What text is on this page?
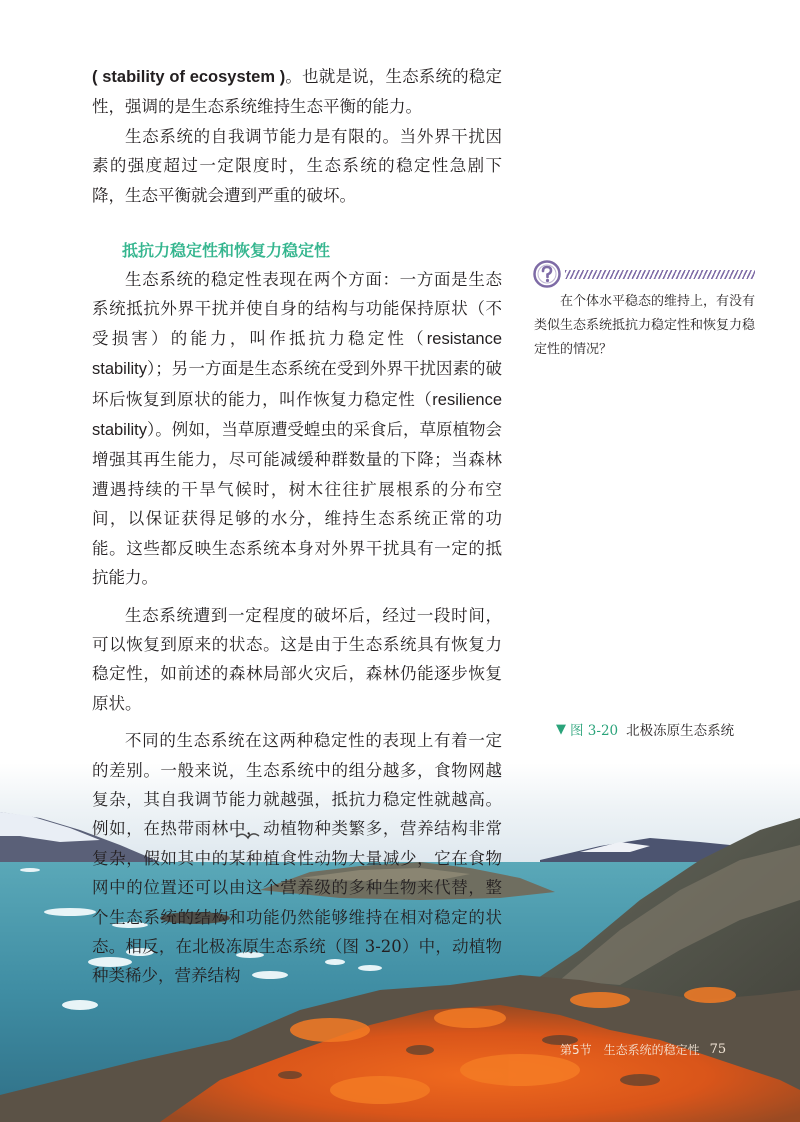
( stability of ecosystem )。也就是说，生态系统的稳定性，强调的是生态系统维持生态平衡的能力。

生态系统的自我调节能力是有限的。当外界干扰因素的强度超过一定限度时，生态系统的稳定性急剧下降，生态平衡就会遭到严重的破坏。

抵抗力稳定性和恢复力稳定性

生态系统的稳定性表现在两个方面：一方面是生态系统抵抗外界干扰并使自身的结构与功能保持原状（不受损害）的能力，叫作抵抗力稳定性（resistance stability）；另一方面是生态系统在受到外界干扰因素的破坏后恢复到原状的能力，叫作恢复力稳定性（resilience stability）。例如，当草原遭受蝗虫的采食后，草原植物会增强其再生能力，尽可能减缓种群数量的下降；当森林遭遇持续的干旱气候时，树木往往扩展根系的分布空间，以保证获得足够的水分，维持生态系统正常的功能。这些都反映生态系统本身对外界干扰具有一定的抵抗能力。

生态系统遭到一定程度的破坏后，经过一段时间，可以恢复到原来的状态。这是由于生态系统具有恢复力稳定性，如前述的森林局部火灾后，森林仍能逐步恢复原状。

不同的生态系统在这两种稳定性的表现上有着一定的差别。一般来说，生态系统中的组分越多，食物网越复杂，其自我调节能力就越强，抵抗力稳定性就越高。例如，在热带雨林中，动植物种类繁多，营养结构非常复杂，假如其中的某种植食性动物大量减少，它在食物网中的位置还可以由这个营养级的多种生物来代替，整个生态系统的结构和功能仍然能够维持在相对稳定的状态。相反，在北极冻原生态系统（图 3-20）中，动植物种类稀少，营养结构

在个体水平稳态的维持上，有没有类似生态系统抵抗力稳定性和恢复力稳定性的情况？
▼ 图 3-20 北极冻原生态系统
第5节　生态系统的稳定性 75
